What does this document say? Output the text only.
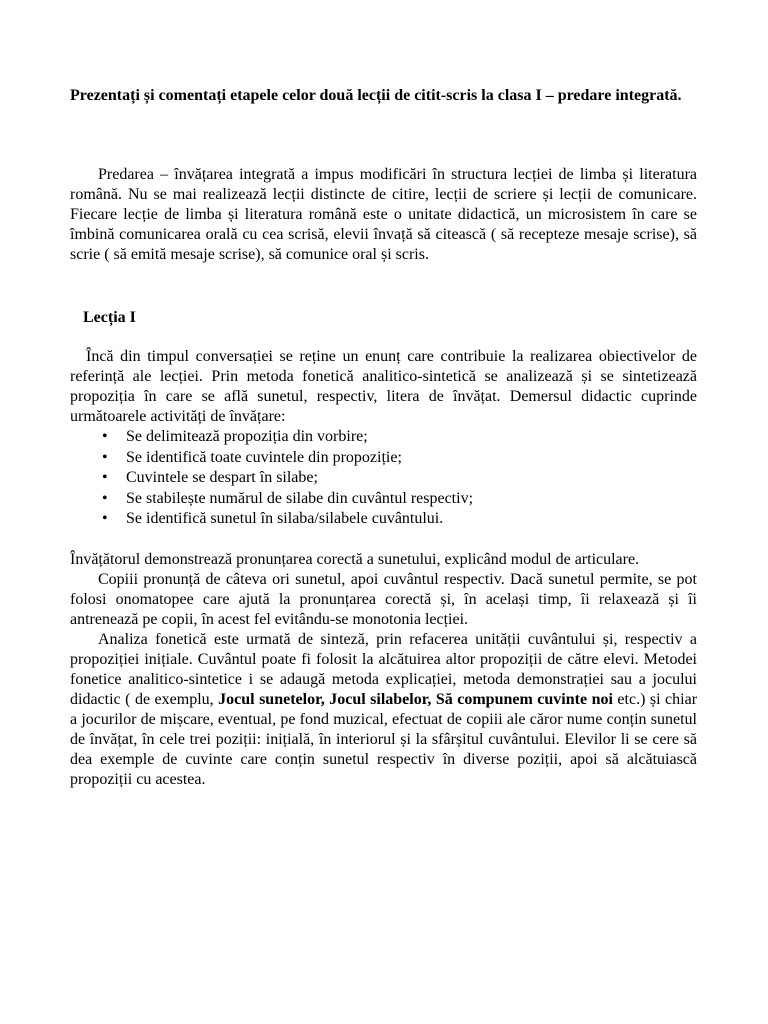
Prezentați și comentați etapele celor două lecții de citit-scris la clasa I – predare integrată.

Predarea – învățarea integrată a impus modificări în structura lecției de limba și literatura română. Nu se mai realizează lecții distincte de citire, lecții de scriere și lecții de comunicare. Fiecare lecție de limba și literatura română este o unitate didactică, un microsistem în care se îmbină comunicarea orală cu cea scrisă, elevii învață să citească ( să recepteze mesaje scrise), să scrie ( să emită mesaje scrise), să comunice oral și scris.

Lecția I

Încă din timpul conversației se reține un enunț care contribuie la realizarea obiectivelor de referință ale lecției. Prin metoda fonetică analitico-sintetică se analizează și se sintetizează propoziția în care se află sunetul, respectiv, litera de învățat. Demersul didactic cuprinde următoarele activități de învățare:

• Se delimitează propoziția din vorbire;
• Se identifică toate cuvintele din propoziție;
• Cuvintele se despart în silabe;
• Se stabilește numărul de silabe din cuvântul respectiv;
• Se identifică sunetul în silaba/silabele cuvântului.

Învățătorul demonstrează pronunțarea corectă a sunetului, explicând modul de articulare.

Copiii pronunță de câteva ori sunetul, apoi cuvântul respectiv. Dacă sunetul permite, se pot folosi onomatopee care ajută la pronunțarea corectă și, în același timp, îi relaxează și îi antrenează pe copii, în acest fel evitându-se monotonia lecției.

Analiza fonetică este urmată de sinteză, prin refacerea unității cuvântului și, respectiv a propoziției inițiale. Cuvântul poate fi folosit la alcătuirea altor propoziții de către elevi. Metodei fonetice analitico-sintetice i se adaugă metoda explicației, metoda demonstrației sau a jocului didactic ( de exemplu, Jocul sunetelor, Jocul silabelor, Să compunem cuvinte noi etc.) și chiar a jocurilor de mișcare, eventual, pe fond muzical, efectuat de copiii ale căror nume conțin sunetul de învățat, în cele trei poziții: inițială, în interiorul și la sfârșitul cuvântului. Elevilor li se cere să dea exemple de cuvinte care conțin sunetul respectiv în diverse poziții, apoi să alcătuiască propoziții cu acestea.
